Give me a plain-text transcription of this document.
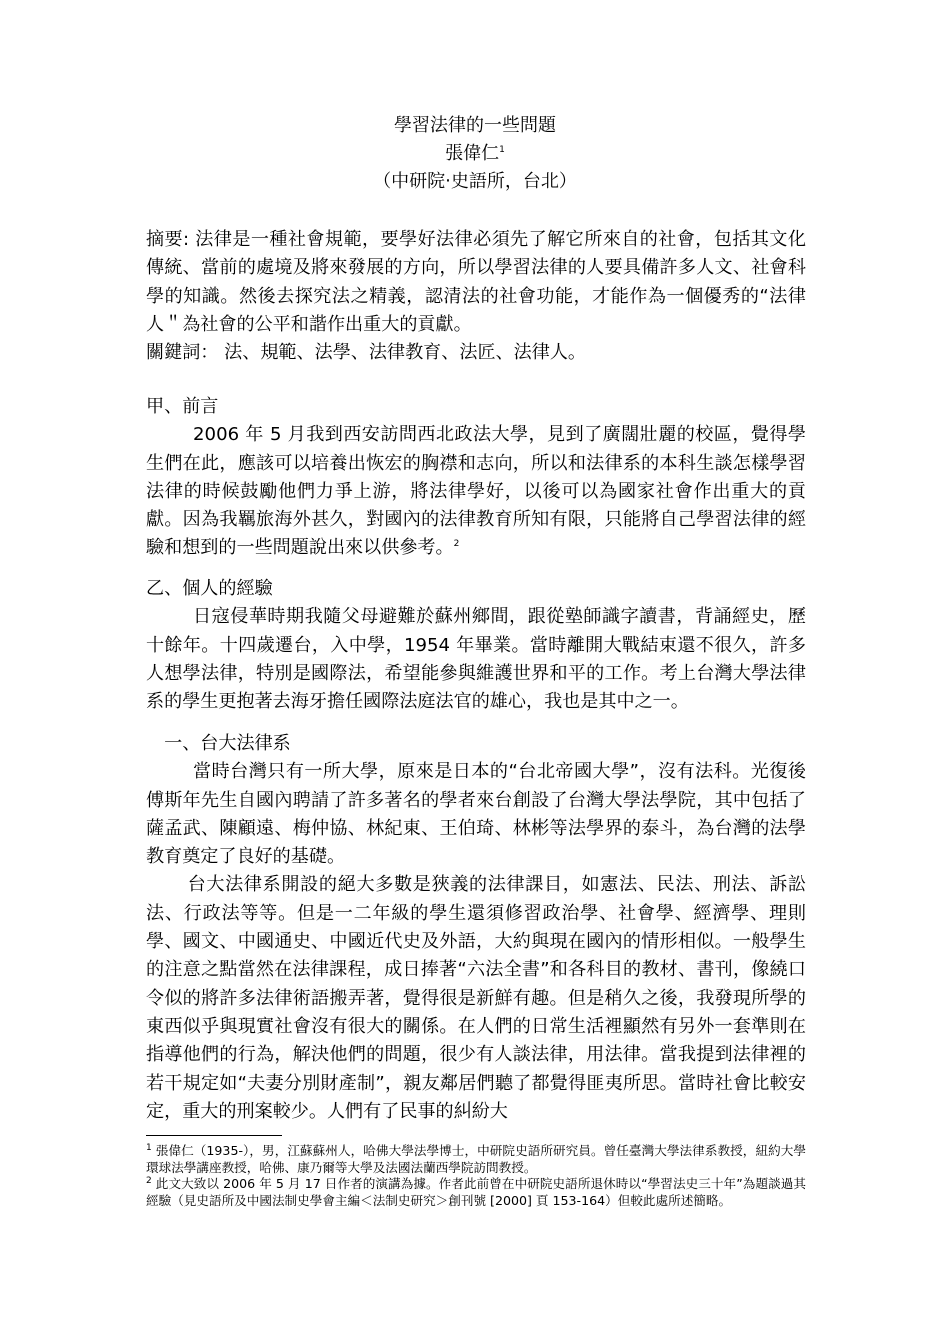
學習法律的一些問題
張偉仁$^1$
（中研院‧史語所，台北）

摘要: 法律是一種社會規範，要學好法律必須先了解它所來自的社會，包括其文化傳統、當前的處境及將來發展的方向，所以學習法律的人要具備許多人文、社會科學的知識。然後去探究法之精義，認清法的社會功能，才能作為一個優秀的“法律人＂為社會的公平和諧作出重大的貢獻。

關鍵詞： 法、規範、法學、法律教育、法匠、法律人。

甲、前言

2006 年 5 月我到西安訪問西北政法大學，見到了廣闊壯麗的校區，覺得學生們在此，應該可以培養出恢宏的胸襟和志向，所以和法律系的本科生談怎樣學習法律的時候鼓勵他們力爭上游，將法律學好，以後可以為國家社會作出重大的貢獻。因為我羈旅海外甚久，對國內的法律教育所知有限，只能將自己學習法律的經驗和想到的一些問題說出來以供參考。$^2$

乙、個人的經驗

日寇侵華時期我隨父母避難於蘇州鄉間，跟從塾師識字讀書，背誦經史，歷十餘年。十四歲遷台，入中學，1954 年畢業。當時離開大戰結束還不很久，許多人想學法律，特別是國際法，希望能參與維護世界和平的工作。考上台灣大學法律系的學生更抱著去海牙擔任國際法庭法官的雄心，我也是其中之一。

一、台大法律系

當時台灣只有一所大學，原來是日本的“台北帝國大學”，沒有法科。光復後傅斯年先生自國內聘請了許多著名的學者來台創設了台灣大學法學院，其中包括了薩孟武、陳顧遠、梅仲協、林紀東、王伯琦、林彬等法學界的泰斗，為台灣的法學教育奠定了良好的基礎。

台大法律系開設的絕大多數是狹義的法律課目，如憲法、民法、刑法、訴訟法、行政法等等。但是一二年級的學生還須修習政治學、社會學、經濟學、理則學、國文、中國通史、中國近代史及外語，大約與現在國內的情形相似。一般學生的注意之點當然在法律課程，成日捧著“六法全書”和各科目的教材、書刊，像繞口令似的將許多法律術語搬弄著，覺得很是新鮮有趣。但是稍久之後，我發現所學的東西似乎與現實社會沒有很大的關係。在人們的日常生活裡顯然有另外一套準則在指導他們的行為，解決他們的問題，很少有人談法律，用法律。當我提到法律裡的若干規定如“夫妻分別財產制”，親友鄰居們聽了都覺得匪夷所思。當時社會比較安定，重大的刑案較少。人們有了民事的糾紛大

$^1$ 張偉仁（1935-），男，江蘇蘇州人，哈佛大學法學博士，中研院史語所研究員。曾任臺灣大學法律系教授，紐約大學環球法學講座教授，哈佛、康乃爾等大學及法國法蘭西學院訪問教授。

$^2$ 此文大致以 2006 年 5 月 17 日作者的演講為據。作者此前曾在中研院史語所退休時以“學習法史三十年”為題談過其經驗（見史語所及中國法制史學會主編＜法制史研究＞創刊號 [2000] 頁 153-164）但較此處所述簡略。
